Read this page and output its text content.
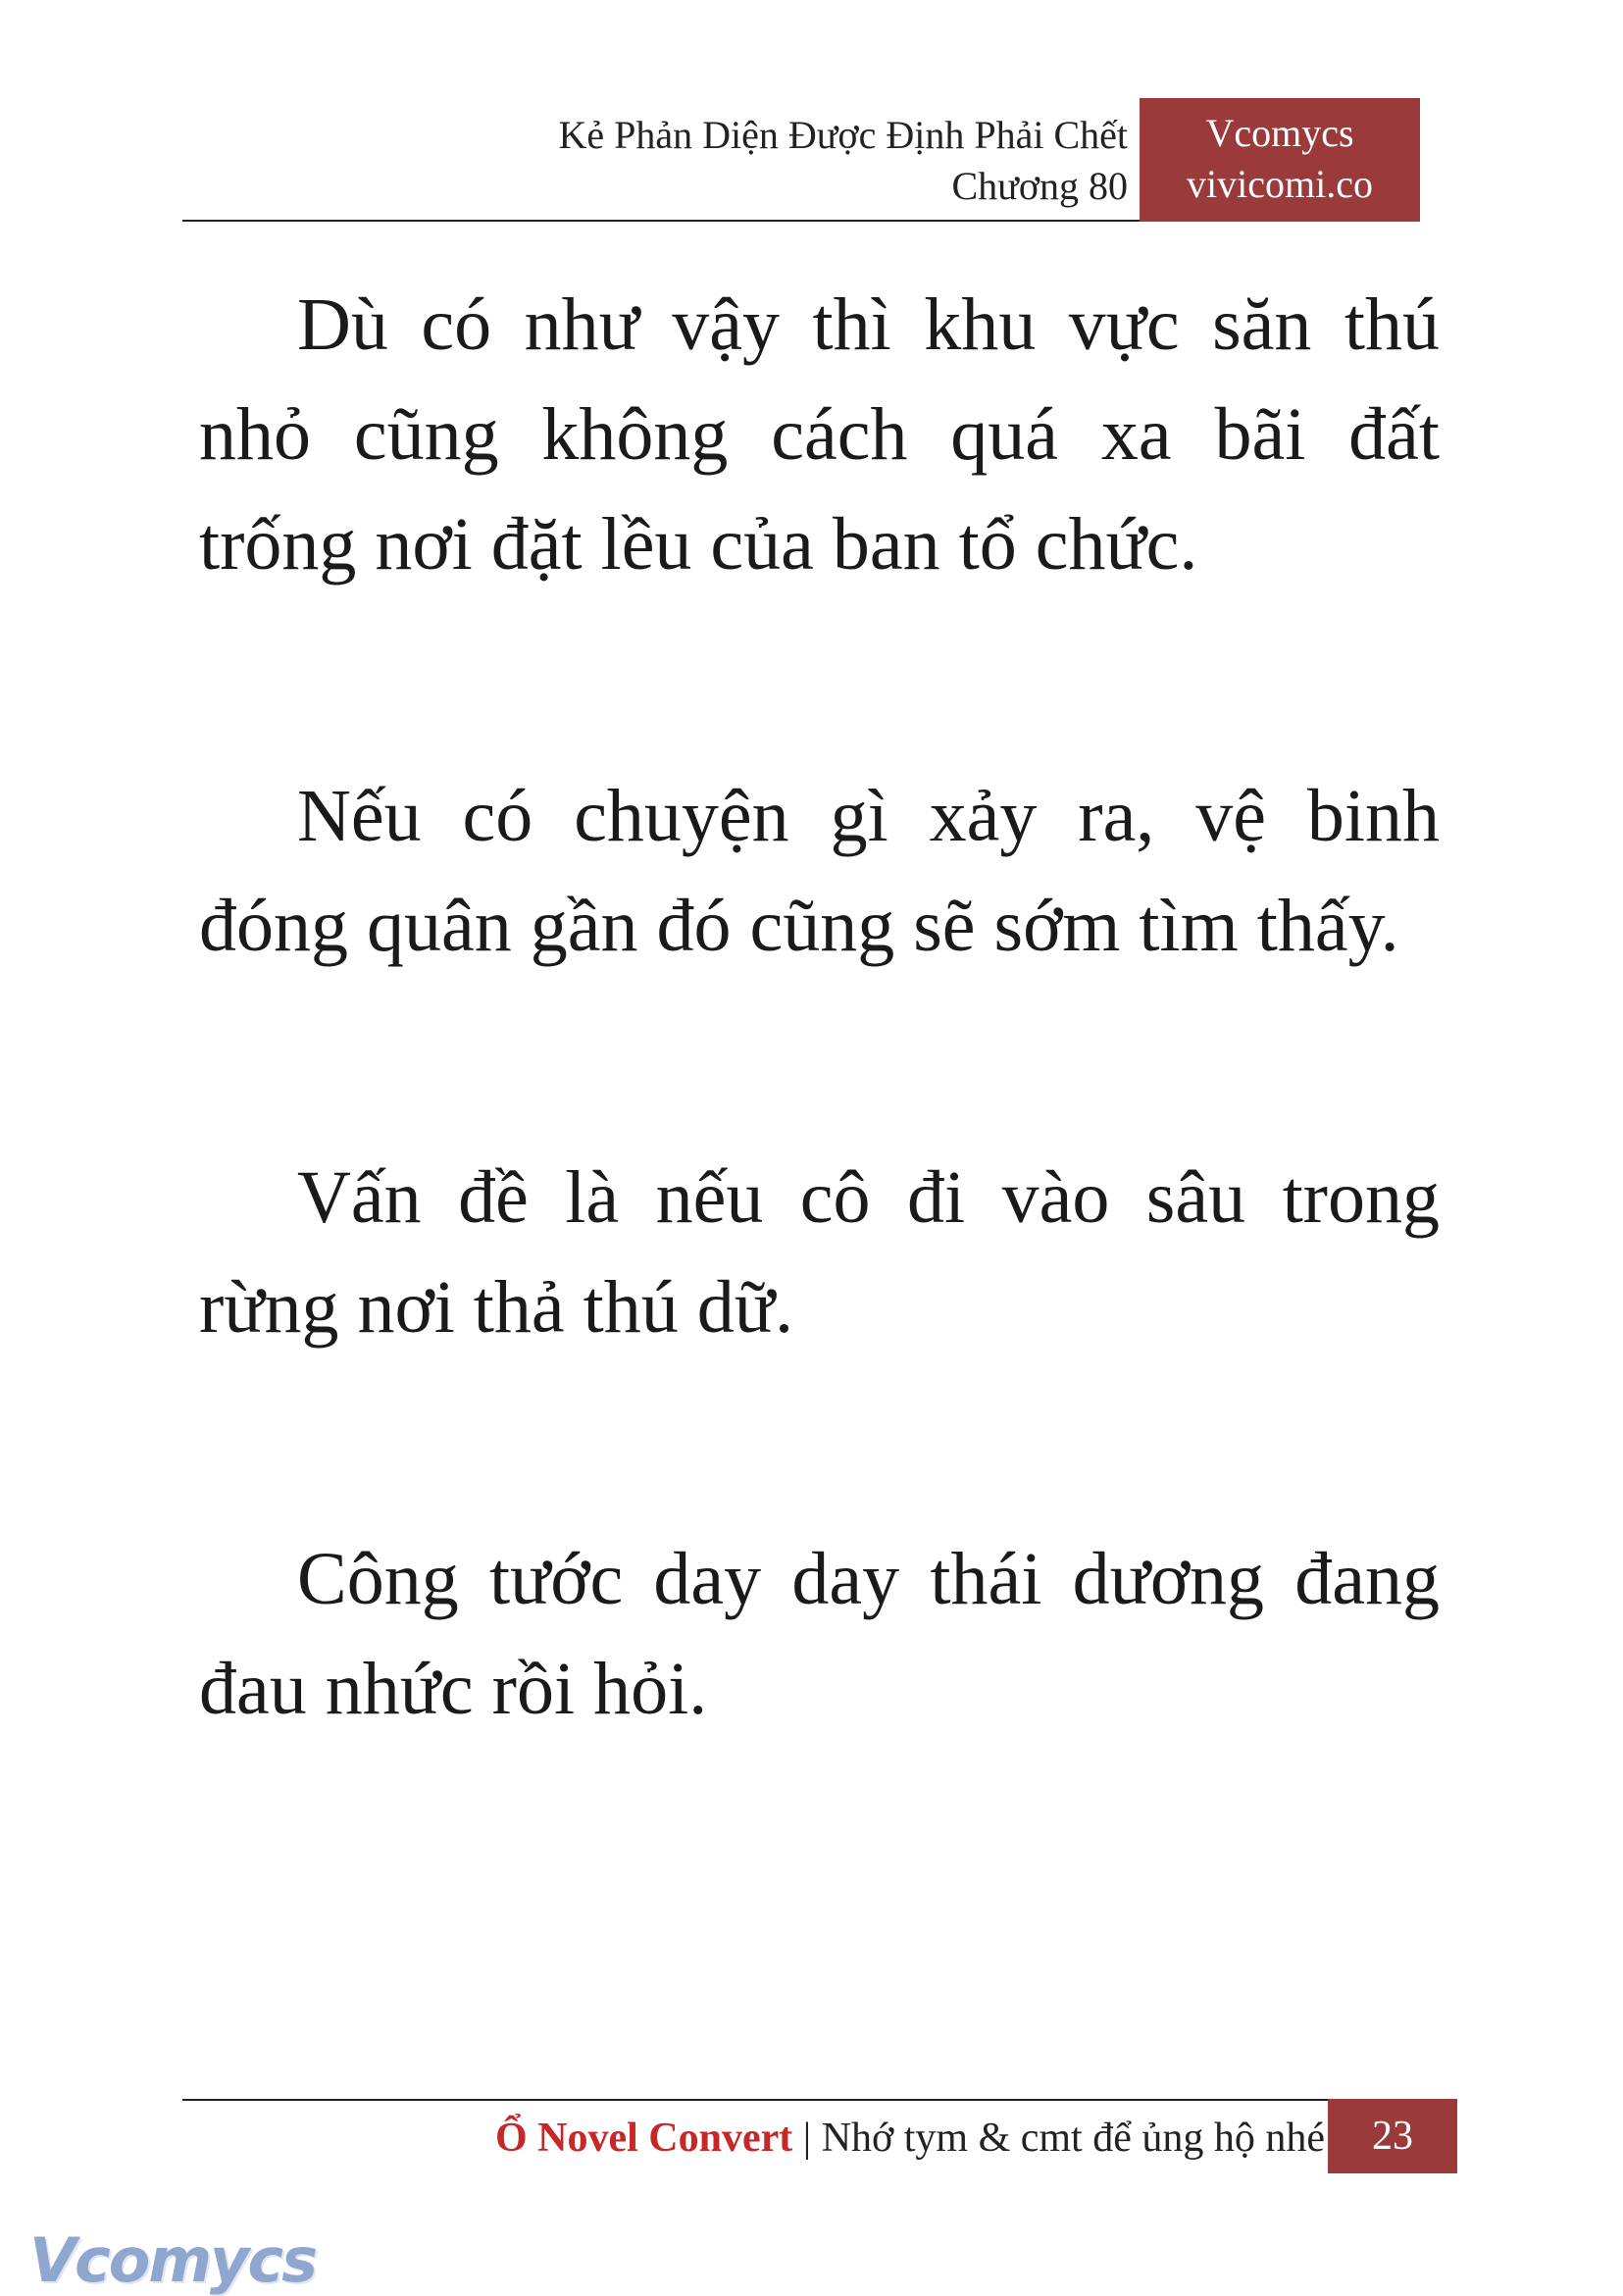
Kẻ Phản Diện Được Định Phải Chết
Chương 80
Vcomycs
vivicomi.co

Dù có như vậy thì khu vực săn thú nhỏ cũng không cách quá xa bãi đất trống nơi đặt lều của ban tổ chức.

Nếu có chuyện gì xảy ra, vệ binh đóng quân gần đó cũng sẽ sớm tìm thấy.

Vấn đề là nếu cô đi vào sâu trong rừng nơi thả thú dữ.

Công tước day day thái dương đang đau nhức rồi hỏi.

Ổ Novel Convert | Nhớ tym & cmt để ủng hộ nhé	23
Vcomycs
